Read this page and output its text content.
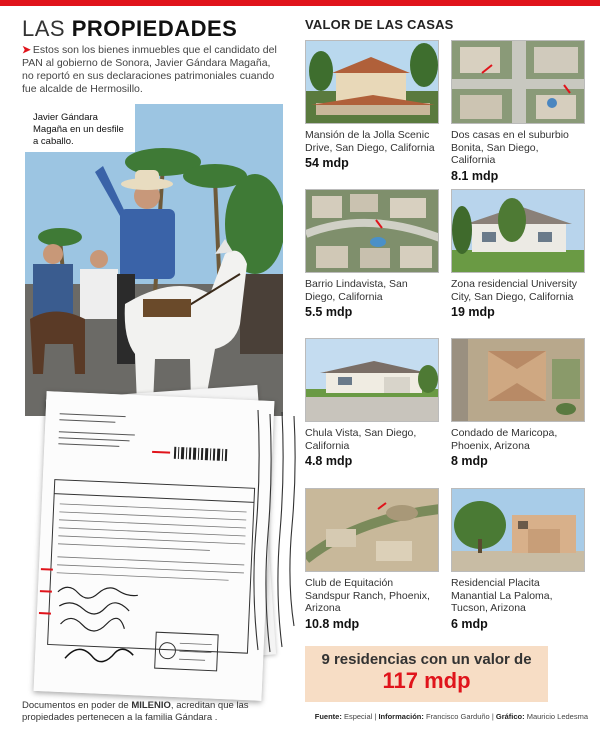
LAS PROPIEDADES
➤ Estos son los bienes inmuebles que el candidato del PAN al gobierno de Sonora, Javier Gándara Magaña, no reportó en sus declaraciones patrimoniales cuando fue alcalde de Hermosillo.
Javier Gándara Magaña en un desfile a caballo.
Documentos en poder de MILENIO, acreditan que las propiedades pertenecen a la familia Gándara .
VALOR DE LAS CASAS
Mansión de la Jolla Scenic Drive, San Diego, California
54 mdp
Dos casas en el suburbio Bonita, San Diego, California
8.1 mdp
Barrio Lindavista, San Diego, California
5.5 mdp
Zona residencial University City, San Diego, California
19 mdp
Chula Vista, San Diego, California
4.8 mdp
Condado de Maricopa, Phoenix, Arizona
8 mdp
Club de Equitación Sandspur Ranch, Phoenix, Arizona
10.8 mdp
Residencial Placita Manantial La Paloma, Tucson, Arizona
6 mdp
9 residencias con un valor de
117 mdp
Fuente: Especial | Información: Francisco Garduño | Gráfico: Mauricio Ledesma
